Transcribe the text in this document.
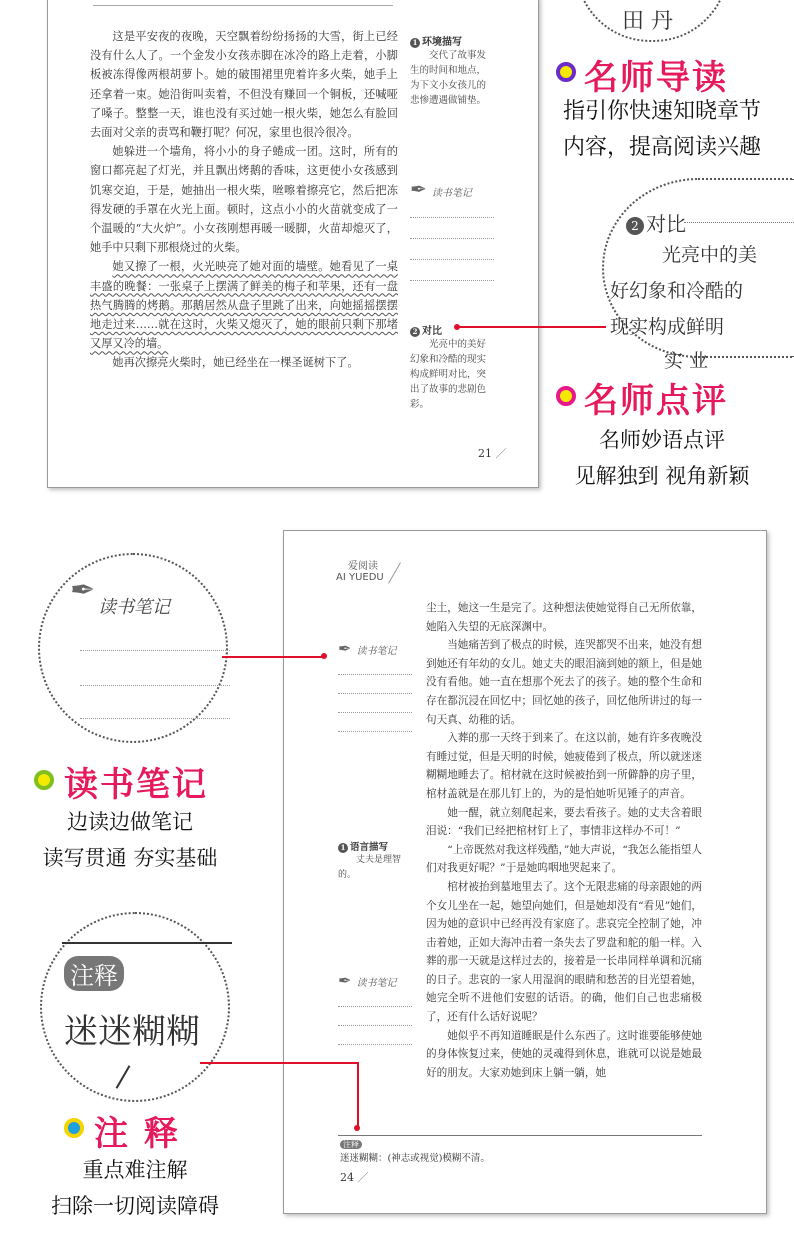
这是平安夜的夜晚，天空飘着纷纷扬扬的大雪，街上已经没有什么人了。一个金发小女孩赤脚在冰冷的路上走着，小脚板被冻得像两根胡萝卜。她的破围裙里兜着许多火柴，她手上还拿着一束。她沿街叫卖着，不但没有赚回一个铜板，还喊哑了嗓子。整整一天，谁也没有买过她一根火柴，她怎么有脸回去面对父亲的责骂和鞭打呢？何况，家里也很冷很冷。

她躲进一个墙角，将小小的身子蜷成一团。这时，所有的窗口都亮起了灯光，并且飘出烤鹅的香味，这更使小女孩感到饥寒交迫，于是，她抽出一根火柴，咝嚓着擦亮它，然后把冻得发硬的手罩在火光上面。顿时，这点小小的火苗就变成了一个温暖的“大火炉”。小女孩刚想再暖一暖脚，火苗却熄灭了，她手中只剩下那根烧过的火柴。

她又擦了一根，火光映亮了她对面的墙壁。她看见了一桌丰盛的晚餐：一张桌子上摆满了鲜美的梅子和苹果，还有一盘热气腾腾的烤鹅。那鹅居然从盘子里跳了出来，向她摇摇摆摆地走过来……就在这时，火柴又熄灭了，她的眼前只剩下那堵又厚又冷的墙。

她再次擦亮火柴时，她已经坐在一棵圣诞树下了。

1 环境描写
交代了故事发生的时间和地点，为下文小女孩儿的悲惨遭遇做铺垫。
✒ 读书笔记
2 对比
光亮中的美好幻象和冷酷的现实构成鲜明对比，突出了故事的悲剧色彩。
21 ／
田 丹
名师导读
指引你快速知晓章节
内容，提高阅读兴趣
2 对比
光亮中的美
好幻象和冷酷的
现实构成鲜明
实 业
名师点评
名师妙语点评
见解独到 视角新颖
爱阅读
AI YUEDU

尘土，她这一生是完了。这种想法使她觉得自己无所依靠，她陷入失望的无底深渊中。

当她痛苦到了极点的时候，连哭都哭不出来，她没有想到她还有年幼的女儿。她丈夫的眼泪滴到她的额上，但是她没有看他。她一直在想那个死去了的孩子。她的整个生命和存在都沉浸在回忆中；回忆她的孩子，回忆他所讲过的每一句天真、幼稚的话。

入葬的那一天终于到来了。在这以前，她有许多夜晚没有睡过觉，但是天明的时候，她疲倦到了极点，所以就迷迷糊糊地睡去了。棺材就在这时候被抬到一所僻静的房子里，棺材盖就是在那儿钉上的，为的是怕她听见锤子的声音。

她一醒，就立刻爬起来，要去看孩子。她的丈夫含着眼泪说：“我们已经把棺材钉上了，事情非这样办不可！”

“上帝既然对我这样残酷，”她大声说，“我怎么能指望人们对我更好呢？”于是她呜咽地哭起来了。

棺材被抬到墓地里去了。这个无限悲痛的母亲跟她的两个女儿坐在一起，她望向她们，但是她却没有“看见”她们，因为她的意识中已经再没有家庭了。悲哀完全控制了她，冲击着她，正如大海冲击着一条失去了罗盘和舵的船一样。入葬的那一天就是这样过去的，接着是一长串同样单调和沉痛的日子。悲哀的一家人用湿润的眼睛和愁苦的目光望着她，她完全听不进他们安慰的话语。的确，他们自己也悲痛极了，还有什么话好说呢？

她似乎不再知道睡眠是什么东西了。这时谁要能够使她的身体恢复过来，使她的灵魂得到休息，谁就可以说是她最好的朋友。大家劝她到床上躺一躺，她

✒ 读书笔记
1 语言描写
丈夫是理智的。
✒ 读书笔记
注释
迷迷糊糊：(神志或视觉)模糊不清。
24 ／
✒ 读书笔记
读书笔记
边读边做笔记
读写贯通 夯实基础
注释
迷迷糊糊
注 释
重点难注解
扫除一切阅读障碍
